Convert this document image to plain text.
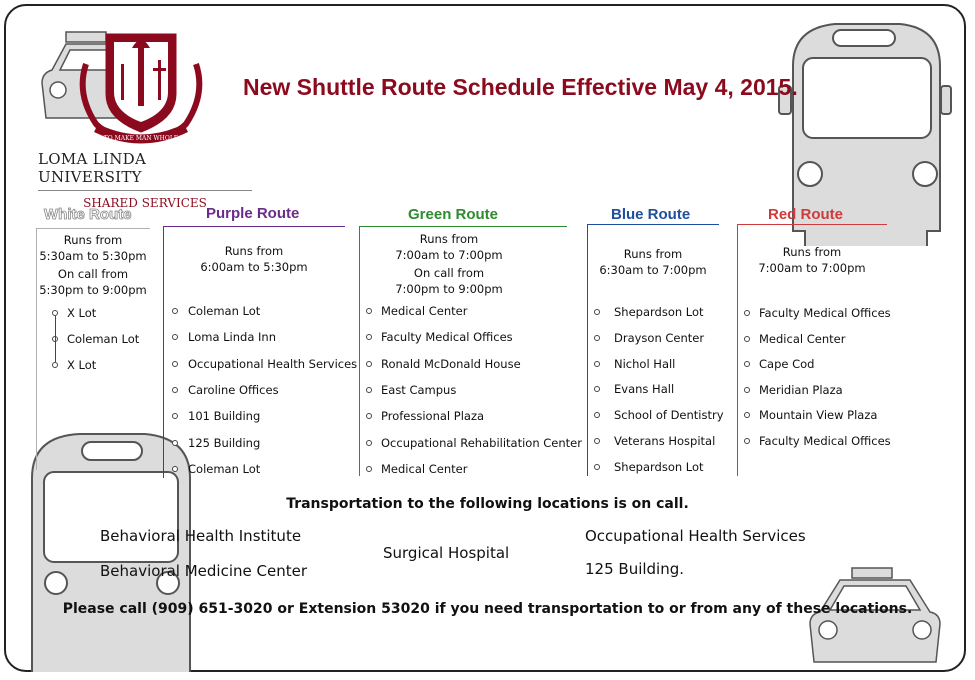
TO MAKE MAN WHOLE
LOMA LINDA UNIVERSITY
SHARED SERVICES
New Shuttle Route Schedule Effective May 4, 2015.
White Route
Runs from
5:30am to 5:30pm
On call from
5:30pm to 9:00pm
X Lot
Coleman Lot
X Lot
Purple Route
Runs from
6:00am to 5:30pm
Coleman Lot
Loma Linda Inn
Occupational Health Services
Caroline Offices
101 Building
125 Building
Coleman Lot
Green Route
Runs from
7:00am to 7:00pm
On call from
7:00pm to 9:00pm
Medical Center
Faculty Medical Offices
Ronald McDonald House
East Campus
Professional Plaza
Occupational Rehabilitation Center
Medical Center
Blue Route
Runs from
6:30am to 7:00pm
Shepardson Lot
Drayson Center
Nichol Hall
Evans Hall
School of Dentistry
Veterans Hospital
Shepardson Lot
Red Route
Runs from
7:00am to 7:00pm
Faculty Medical Offices
Medical Center
Cape Cod
Meridian Plaza
Mountain View Plaza
Faculty Medical Offices
Transportation to the following locations is on call.
Behavioral Health Institute
Behavioral Medicine Center
Surgical Hospital
Occupational Health Services
125 Building.
Please call (909) 651-3020 or Extension 53020 if you need transportation to or from any of these locations.
